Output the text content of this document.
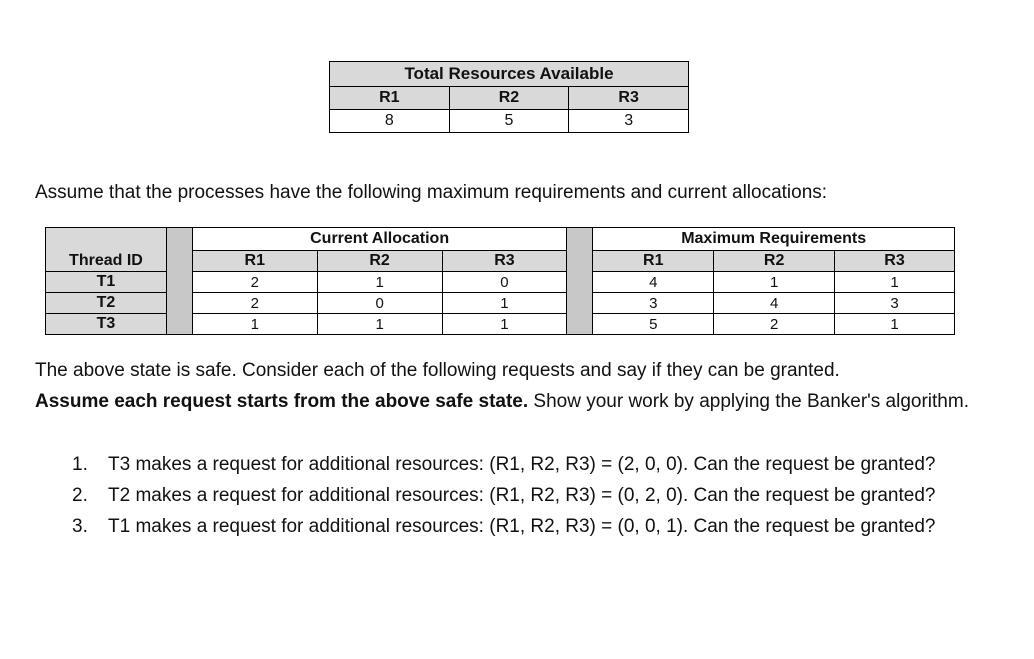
Total Resources Available		
R1	R2	R3
8	5	3
Assume that the processes have the following maximum requirements and current allocations:
		Current Allocation				Maximum Requirements		
Thread ID		R1	R2	R3		R1	R2	R3
T1		2	1	0		4	1	1
T2		2	0	1		3	4	3
T3		1	1	1		5	2	1
The above state is safe. Consider each of the following requests and say if they can be granted.
Assume each request starts from the above safe state. Show your work by applying the Banker's algorithm.
1. T3 makes a request for additional resources: (R1, R2, R3) = (2, 0, 0). Can the request be granted?
2. T2 makes a request for additional resources: (R1, R2, R3) = (0, 2, 0). Can the request be granted?
3. T1 makes a request for additional resources: (R1, R2, R3) = (0, 0, 1). Can the request be granted?
